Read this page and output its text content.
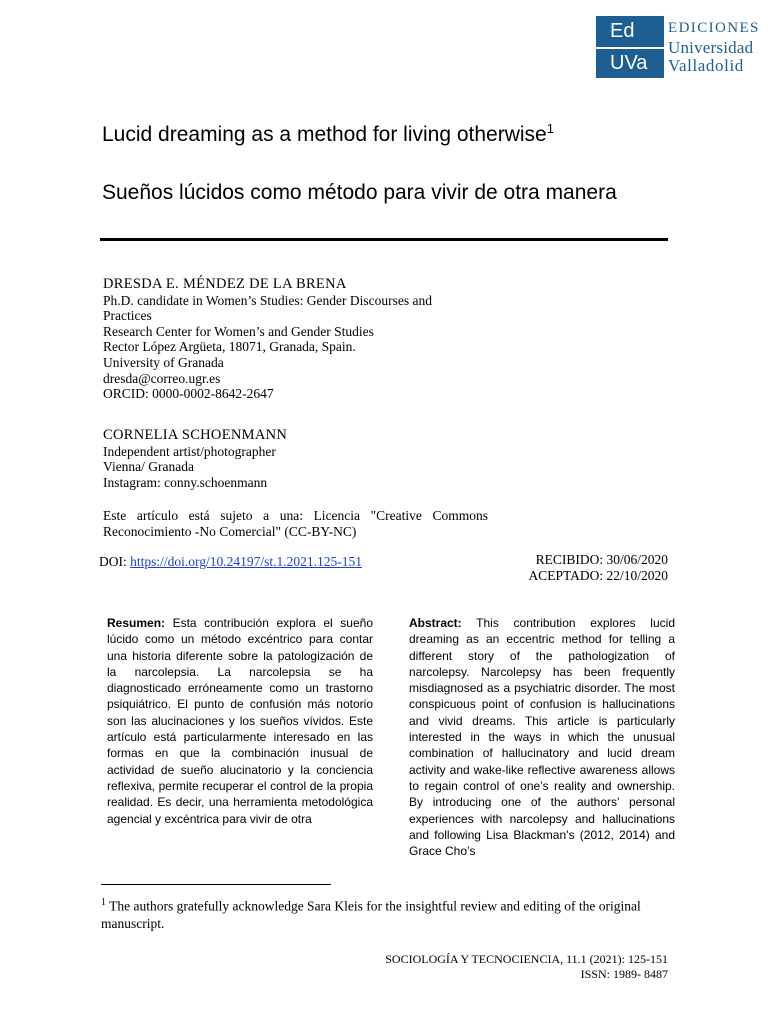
Ed
UVa
EDICIONES
Universidad
Valladolid
Lucid dreaming as a method for living otherwise$^1$
Sueños lúcidos como método para vivir de otra manera
DRESDA E. MÉNDEZ DE LA BRENA
Ph.D. candidate in Women’s Studies: Gender Discourses and Practices
Research Center for Women’s and Gender Studies
Rector López Argüeta, 18071, Granada, Spain.
University of Granada
dresda@correo.ugr.es
ORCID: 0000-0002-8642-2647
CORNELIA SCHOENMANN
Independent artist/photographer
Vienna/ Granada
Instagram: conny.schoenmann
Este artículo está sujeto a una: Licencia "Creative Commons Reconocimiento -No Comercial" (CC-BY-NC)
DOI: https://doi.org/10.24197/st.1.2021.125-151	RECIBIDO: 30/06/2020
ACEPTADO: 22/10/2020
Resumen: Esta contribución explora el sueño lúcido como un método excéntrico para contar una historia diferente sobre la patologización de la narcolepsia. La narcolepsia se ha diagnosticado erróneamente como un trastorno psiquiátrico. El punto de confusión más notorio son las alucinaciones y los sueños vívidos. Este artículo está particularmente interesado en las formas en que la combinación inusual de actividad de sueño alucinatorio y la conciencia reflexiva, permite recuperar el control de la propia realidad. Es decir, una herramienta metodológica agencial y excéntrica para vivir de otra
Abstract: This contribution explores lucid dreaming as an eccentric method for telling a different story of the pathologization of narcolepsy. Narcolepsy has been frequently misdiagnosed as a psychiatric disorder. The most conspicuous point of confusion is hallucinations and vivid dreams. This article is particularly interested in the ways in which the unusual combination of hallucinatory and lucid dream activity and wake-like reflective awareness allows to regain control of one’s reality and ownership. By introducing one of the authors’ personal experiences with narcolepsy and hallucinations and following Lisa Blackman’s (2012, 2014) and Grace Cho’s
$^1$ The authors gratefully acknowledge Sara Kleis for the insightful review and editing of the original manuscript.
SOCIOLOGÍA Y TECNOCIENCIA, 11.1 (2021): 125-151
ISSN: 1989- 8487
